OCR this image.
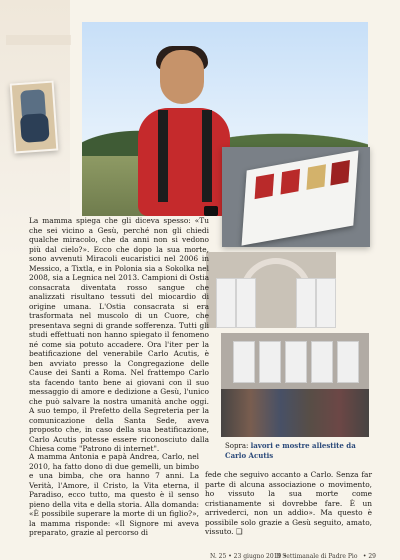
La mamma spiega che gli diceva spesso: «Tu che sei vicino a Gesù, perché non gli chiedi qualche miracolo, che da anni non si vedono più dal cielo?». Ecco che dopo la sua morte, sono avvenuti Miracoli eucaristici nel 2006 in Messico, a Tixtla, e in Polonia sia a Sokolka nel 2008, sia a Legnica nel 2013. Campioni di Ostia consacrata diventata rosso sangue che analizzati risultano tessuti del miocardio di origine umana. L'Ostia consacrata si era trasformata nel muscolo di un Cuore, che presentava segni di grande sofferenza. Tutti gli studi effettuati non hanno spiegato il fenomeno né come sia potuto accadere. Ora l'iter per la beatificazione del venerabile Carlo Acutis, è ben avviato presso la Congregazione delle Cause dei Santi a Roma. Nel frattempo Carlo sta facendo tanto bene ai giovani con il suo messaggio di amore e dedizione a Gesù, l'unico che può salvare la nostra umanità anche oggi. A suo tempo, il Prefetto della Segreteria per la comunicazione della Santa Sede, aveva proposto che, in caso della sua beatificazione, Carlo Acutis potesse essere riconosciuto dalla Chiesa come "Patrono di internet".	Sopra: lavori e mostre allestite da Carlo Acutis
A mamma Antonia e papà Andrea, Carlo, nel 2010, ha fatto dono di due gemelli, un bimbo e una bimba, che ora hanno 7 anni. La Verità, l'Amore, il Cristo, la Vita eterna, il Paradiso, ecco tutto, ma questo è il senso pieno della vita e della storia. Alla domanda: «È possibile superare la morte di un figlio?», la mamma risponde: «Il Signore mi aveva preparato, grazie al percorso di
fede che seguivo accanto a Carlo. Senza far parte di alcuna associazione o movimento, ho vissuto la sua morte come cristianamente si dovrebbe fare. È un arrivederci, non un addio». Ma questo è possibile solo grazie a Gesù seguito, amato, vissuto. ❑
N. 25 • 23 giugno 2019 •
Il Settimanale di Padre Pio • 29
